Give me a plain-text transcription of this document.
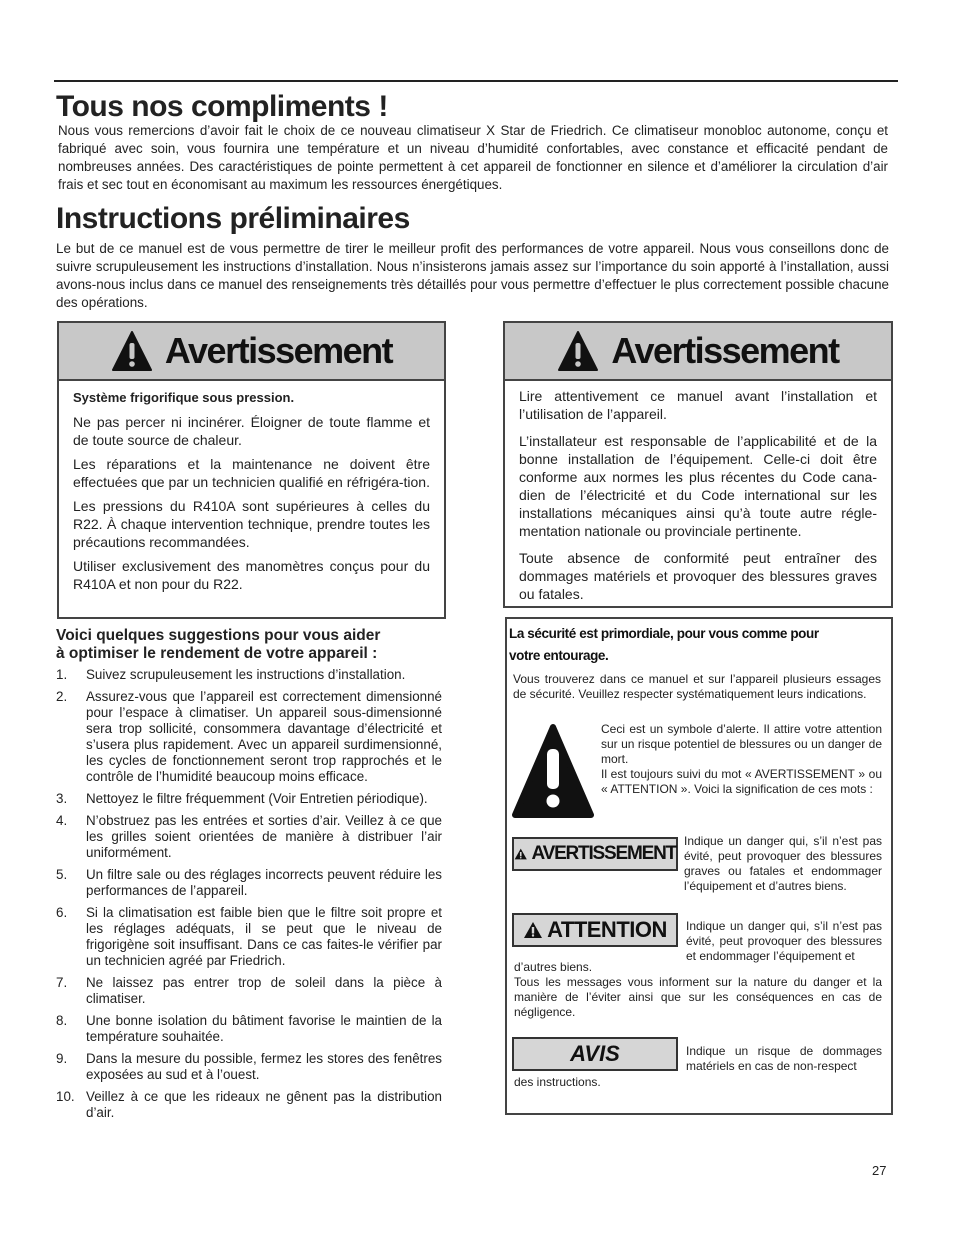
Tous nos compliments !
Nous vous remercions d’avoir fait le choix de ce nouveau climatiseur X Star de Friedrich. Ce climatiseur monobloc autonome, conçu et fabriqué avec soin, vous fournira une température et un niveau d’humidité confortables, avec constance et efficacité pendant de nombreuses années. Des caractéristiques de pointe permettent à cet appareil de fonctionner en silence et d’améliorer la circulation d’air frais et sec tout en économisant au maximum les ressources énergétiques.
Instructions préliminaires
Le but de ce manuel est de vous permettre de tirer le meilleur profit des performances de votre appareil. Nous vous conseillons donc de suivre scrupuleusement les instructions d’installation. Nous n’insisterons jamais assez sur l’importance du soin apporté à l’installation, aussi avons-nous inclus dans ce manuel des renseignements très détaillés pour vous permettre d’effectuer le plus correctement possible chacune des opérations.
Avertissement

Système frigorifique sous pression.

Ne pas percer ni incinérer. Éloigner de toute flamme et de toute source de chaleur.

Les réparations et la maintenance ne doivent être effectuées que par un technicien qualifié en réfrigéra-tion.

Les pressions du R410A sont supérieures à celles du R22. À chaque intervention technique, prendre toutes les précautions recommandées.

Utiliser exclusivement des manomètres conçus pour du R410A et non pour du R22.

Avertissement

Lire attentivement ce manuel avant l’installation et l’utilisation de l’appareil.

L’installateur est responsable de l’applicabilité et de la bonne installation de l’équipement. Celle-ci doit être conforme aux normes les plus récentes du Code cana-dien de l’électricité et du Code international sur les installations mécaniques ainsi qu’à toute autre régle-mentation nationale ou provinciale pertinente.

Toute absence de conformité peut entraîner des dommages matériels et provoquer des blessures graves ou fatales.

Voici quelques suggestions pour vous aider
à optimiser le rendement de votre appareil :
1.	Suivez scrupuleusement les instructions d’installation.
2.	Assurez-vous que l’appareil est correctement dimensionné pour l’espace à climatiser. Un appareil sous-dimensionné sera trop sollicité, consommera davantage d’électricité et s’usera plus rapidement. Avec un appareil surdimensionné, les cycles de fonctionnement seront trop rapprochés et le contrôle de l’humidité beaucoup moins efficace.
3.	Nettoyez le filtre fréquemment (Voir Entretien périodique).
4.	N’obstruez pas les entrées et sorties d’air. Veillez à ce que les grilles soient orientées de manière à distribuer l’air uniformément.
5.	Un filtre sale ou des réglages incorrects peuvent réduire les performances de l’appareil.
6.	Si la climatisation est faible bien que le filtre soit propre et les réglages adéquats, il se peut que le niveau de frigorigène soit insuffisant. Dans ce cas faites-le vérifier par un technicien agréé par Friedrich.
7.	Ne laissez pas entrer trop de soleil dans la pièce à climatiser.
8.	Une bonne isolation du bâtiment favorise le maintien de la température souhaitée.
9.	Dans la mesure du possible, fermez les stores des fenêtres exposées au sud et à l’ouest.
10. Veillez à ce que les rideaux ne gênent pas la distribution d’air.
La sécurité est primordiale, pour vous comme pour
votre entourage.
Vous trouverez dans ce manuel et sur l’appareil plusieurs essages de sécurité. Veuillez respecter systématiquement leurs indications.
Ceci est un symbole d’alerte. Il attire votre attention sur un risque potentiel de blessures ou un danger de mort.
Il est toujours suivi du mot « AVERTISSEMENT » ou « ATTENTION ». Voici la signification de ces mots :
AVERTISSEMENT
Indique un danger qui, s’il n’est pas évité, peut provoquer des blessures graves ou fatales et endommager l’équipement et d’autres biens.
ATTENTION Indique un danger qui, s’il n’est pas évité, peut provoquer des blessures et endommager l’équipement et
d’autres biens.
Tous les messages vous informent sur la nature du danger et la manière de l’éviter ainsi que sur les conséquences en cas de négligence.
AVIS	Indique un risque de dommages matériels en cas de non-respect
des instructions.
27
